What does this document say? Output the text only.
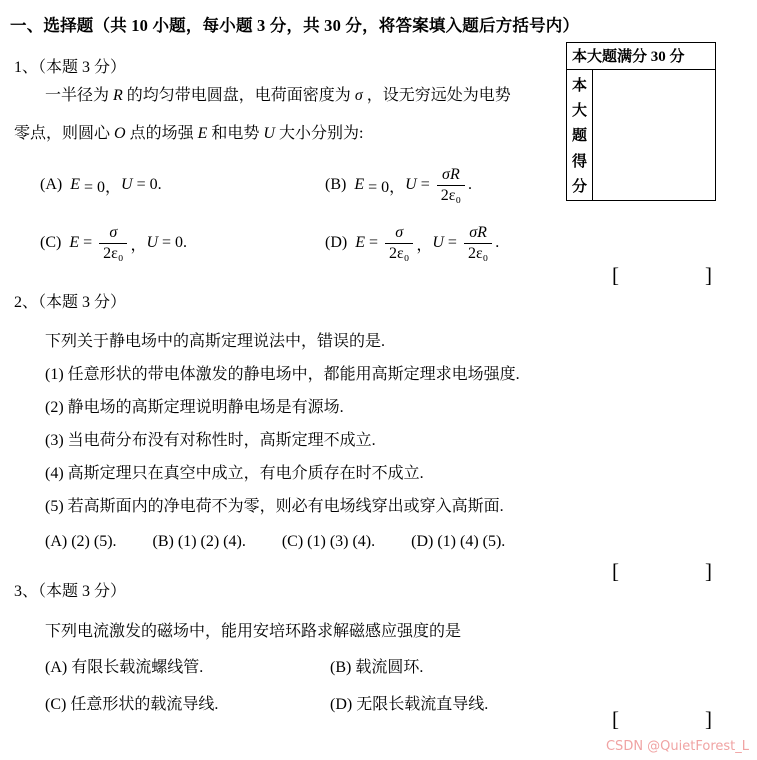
一、选择题（共 10 小题，每小题 3 分，共 30 分，将答案填入题后方括号内）
本大题满分 30 分
本
大
题
得
分
1、（本题 3 分）
一半径为 R 的均匀带电圆盘，电荷面密度为 σ ，设无穷远处为电势
零点，则圆心 O 点的场强 E 和电势 U 大小分别为:
(A) E = 0， U = 0.	(B) E = 0， $U = \frac{\sigma R}{\text{2ε₀}}$ .
(C) $E = \frac{\sigma}{\text{2ε₀}}$ ， U = 0.	(D) $E = \frac{\sigma}{\text{2ε₀}}$ ， $U = \frac{\sigma R}{\text{2ε₀}}$ .
2、（本题 3 分）
下列关于静电场中的高斯定理说法中，错误的是.
(1) 任意形状的带电体激发的静电场中，都能用高斯定理求电场强度.
(2) 静电场的高斯定理说明静电场是有源场.
(3) 当电荷分布没有对称性时，高斯定理不成立.
(4) 高斯定理只在真空中成立，有电介质存在时不成立.
(5) 若高斯面内的净电荷不为零，则必有电场线穿出或穿入高斯面.
(A) (2) (5). (B) (1) (2) (4). (C) (1) (3) (4). (D) (1) (4) (5).
3、（本题 3 分）
下列电流激发的磁场中，能用安培环路求解磁感应强度的是
(A) 有限长载流螺线管.	(B) 载流圆环.
(C) 任意形状的载流导线.	(D) 无限长载流直导线.
[	]
[	]
[	]
CSDN @QuietForest_L
